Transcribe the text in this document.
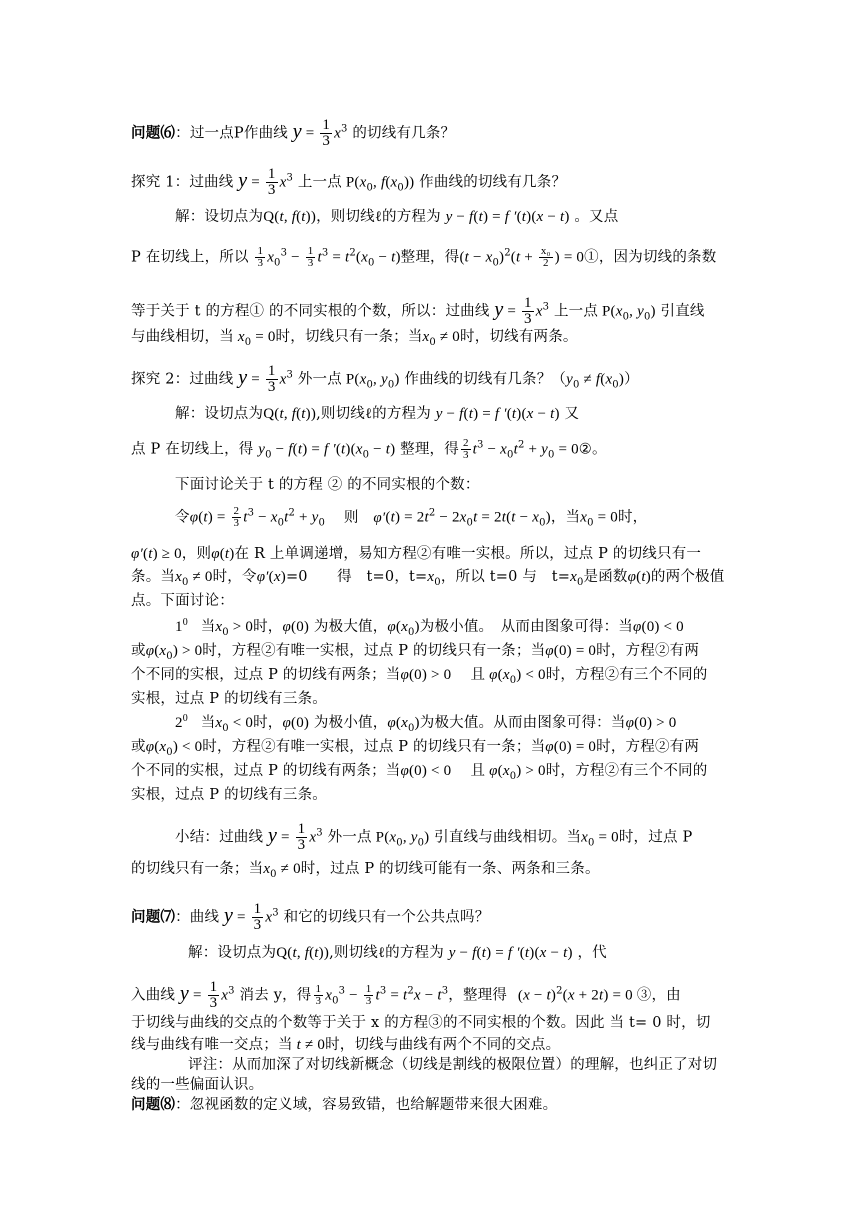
问题⑹：过一点P作曲线 $y = \frac{1}{3} x^3$ 的切线有几条？
探究 1：过曲线 $y = \frac{1}{3} x^3$ 上一点 $P(x_0$, $f(x_0)$) 作曲线的切线有几条？
解：设切点为Q(t, f(t))，则切线ℓ的方程为 y − f(t) = f ′(t)(x − t) 。又点
P 在切线上，所以 $\frac{1}{3} x_0^3 - \frac{1}{3} t^3 = t^2(x_0 - t)$整理，得$(t - x_0)^2(t + \frac{\text{x₀}}{2}$ ) = 0①，因为切线的条数
等于关于 t 的方程① 的不同实根的个数，所以：过曲线 $y = \frac{1}{3} x^3$ 上一点 $P(x_0$, $y_0$) 引直线
与曲线相切，当 $x_0 = 0$时，切线只有一条；当$x_0 \ne 0$时，切线有两条。
探究 2：过曲线 $y = \frac{1}{3} x^3$ 外一点 $P(x_0$, $y_0$) 作曲线的切线有几条？$(y_0 \ne f(x_0))$
解：设切点为Q(t, f(t)),则切线ℓ的方程为 y − f(t) = f ′(t)(x − t) 又
点 P 在切线上，得 $y_0 - f(t) = f$ $'(t)(x_0 - t)$ 整理，得 $\frac{2}{3} t^3 - x_0t^2 + y_0$ = 0②。
下面讨论关于 t 的方程 ② 的不同实根的个数：
令$\varphi(t) = \frac{2}{3} t^3 - x_0t^2 + y_0$ 则 $\varphi'(t) = 2t^2 - 2x_0t = 2t(t - x_0)$，当$x_0 = 0$时，
φ′(t) ≥ 0，则φ(t)在 R 上单调递增，易知方程②有唯一实根。所以，过点 P 的切线只有一
条。当$x_0 \ne 0$时，令φ′(x)=0　　得　t=0，$t=x_0$，所以 t=0 与　$t=x_0$是函数φ(t)的两个极值
点。下面讨论：
$1^0$ 当$x_0 > 0$时，φ(0) 为极大值，$\varphi(x_0)$为极小值。　从而由图象可得：当φ(0) < 0
或$\varphi(x_0) > 0$时，方程②有唯一实根，过点 P 的切线只有一条；当φ(0) = 0时，方程②有两
个不同的实根，过点 P 的切线有两条；当φ(0) > 0 　且 $\varphi(x_0) < 0$时，方程②有三个不同的
实根，过点 P 的切线有三条。
$2^0$ 当$x_0 < 0$时，φ(0) 为极小值，$\varphi(x_0)$为极大值。从而由图象可得：当φ(0) > 0
或$\varphi(x_0) < 0$时，方程②有唯一实根，过点 P 的切线只有一条；当φ(0) = 0时，方程②有两
个不同的实根，过点 P 的切线有两条；当φ(0) < 0 　且 $\varphi(x_0) > 0$时，方程②有三个不同的
实根，过点 P 的切线有三条。
小结：过曲线 $y = \frac{1}{3} x^3$ 外一点 $P(x_0$, $y_0$) 引直线与曲线相切。当$x_0 = 0$时，过点 P
的切线只有一条；当$x_0 \ne 0$时，过点 P 的切线可能有一条、两条和三条。
问题⑺：曲线 $y = \frac{1}{3} x^3$ 和它的切线只有一个公共点吗？
解：设切点为Q(t, f(t)),则切线ℓ的方程为 y − f(t) = f ′(t)(x − t) ，代
入曲线 $y = \frac{1}{3} x^3$ 消去 y，得 $\frac{1}{3} x_0^3 - \frac{1}{3} t^3 = t^2x - t^3$，整理得 $(x - t)^2(x + 2t) = 0$ ③，由
于切线与曲线的交点的个数等于关于 x 的方程③的不同实根的个数。因此 当 t= 0 时，切
线与曲线有唯一交点；当 t ≠ 0时，切线与曲线有两个不同的交点。
评注：从而加深了对切线新概念（切线是割线的极限位置）的理解，也纠正了对切
线的一些偏面认识。
问题⑻：忽视函数的定义域，容易致错，也给解题带来很大困难。
